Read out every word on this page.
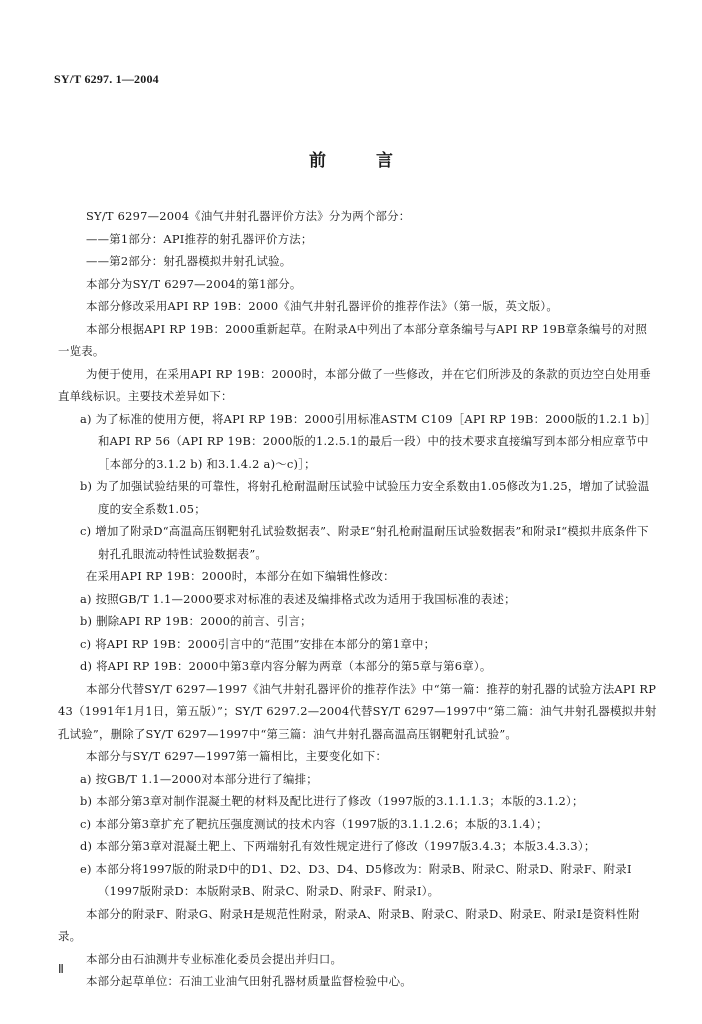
SY/T 6297. 1—2004
前 言

SY/T 6297—2004《油气井射孔器评价方法》分为两个部分：

——第1部分：API推荐的射孔器评价方法；

——第2部分：射孔器模拟井射孔试验。

本部分为SY/T 6297—2004的第1部分。

本部分修改采用API RP 19B：2000《油气井射孔器评价的推荐作法》（第一版，英文版）。

本部分根据API RP 19B：2000重新起草。在附录A中列出了本部分章条编号与API RP 19B章条编号的对照一览表。

为便于使用，在采用API RP 19B：2000时，本部分做了一些修改，并在它们所涉及的条款的页边空白处用垂直单线标识。主要技术差异如下：

a) 为了标准的使用方便，将API RP 19B：2000引用标准ASTM C109［API RP 19B：2000版的1.2.1 b)］和API RP 56（API RP 19B：2000版的1.2.5.1的最后一段）中的技术要求直接编写到本部分相应章节中［本部分的3.1.2 b) 和3.1.4.2 a)～c)］；

b) 为了加强试验结果的可靠性，将射孔枪耐温耐压试验中试验压力安全系数由1.05修改为1.25，增加了试验温度的安全系数1.05；

c) 增加了附录D“高温高压钢靶射孔试验数据表”、附录E“射孔枪耐温耐压试验数据表”和附录I“模拟井底条件下射孔孔眼流动特性试验数据表”。

在采用API RP 19B：2000时，本部分在如下编辑性修改：

a) 按照GB/T 1.1—2000要求对标准的表述及编排格式改为适用于我国标准的表述；

b) 删除API RP 19B：2000的前言、引言；

c) 将API RP 19B：2000引言中的“范围”安排在本部分的第1章中；

d) 将API RP 19B：2000中第3章内容分解为两章（本部分的第5章与第6章）。

本部分代替SY/T 6297—1997《油气井射孔器评价的推荐作法》中“第一篇：推荐的射孔器的试验方法API RP 43（1991年1月1日，第五版）”；SY/T 6297.2—2004代替SY/T 6297—1997中“第二篇：油气井射孔器模拟井射孔试验”，删除了SY/T 6297—1997中“第三篇：油气井射孔器高温高压钢靶射孔试验”。

本部分与SY/T 6297—1997第一篇相比，主要变化如下：

a) 按GB/T 1.1—2000对本部分进行了编排；

b) 本部分第3章对制作混凝土靶的材料及配比进行了修改（1997版的3.1.1.1.3；本版的3.1.2）；

c) 本部分第3章扩充了靶抗压强度测试的技术内容（1997版的3.1.1.2.6；本版的3.1.4）；

d) 本部分第3章对混凝土靶上、下两端射孔有效性规定进行了修改（1997版3.4.3；本版3.4.3.3）；

e) 本部分将1997版的附录D中的D1、D2、D3、D4、D5修改为：附录B、附录C、附录D、附录F、附录I（1997版附录D：本版附录B、附录C、附录D、附录F、附录I）。

本部分的附录F、附录G、附录H是规范性附录，附录A、附录B、附录C、附录D、附录E、附录I是资料性附录。

本部分由石油测井专业标准化委员会提出并归口。

本部分起草单位：石油工业油气田射孔器材质量监督检验中心。

Ⅱ
